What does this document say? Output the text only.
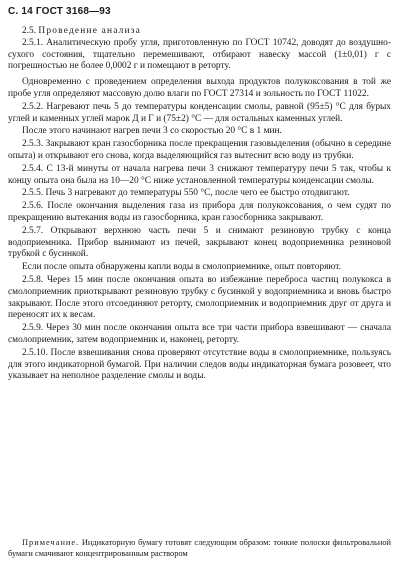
С. 14 ГОСТ 3168—93

2.5. Проведение анализа

2.5.1. Аналитическую пробу угля, приготовленную по ГОСТ 10742, доводят до воздушно-сухого состояния, тщательно перемешивают, отбирают навеску массой (1±0,01) г с погрешностью не более 0,0002 г и помещают в реторту.

Одновременно с проведением определения выхода продуктов полукоксования в той же пробе угля определяют массовую долю влаги по ГОСТ 27314 и зольность по ГОСТ 11022.

2.5.2. Нагревают печь 5 до температуры конденсации смолы, равной (95±5) °С для бурых углей и каменных углей марок Д и Г и (75±2) °С — для остальных каменных углей.

После этого начинают нагрев печи 3 со скоростью 20 °С в 1 мин.

2.5.3. Закрывают кран газосборника после прекращения газовыделения (обычно в середине опыта) и открывают его снова, когда выделяющийся газ вытеснит всю воду из трубки.

2.5.4. С 13-й минуты от начала нагрева печи 3 снижают температуру печи 5 так, чтобы к концу опыта она была на 10—20 °С ниже установленной температуры конденсации смолы.

2.5.5. Печь 3 нагревают до температуры 550 °С, после чего ее быстро отодвигают.

2.5.6. После окончания выделения газа из прибора для полукоксования, о чем судят по прекращению вытекания воды из газосборника, кран газосборника закрывают.

2.5.7. Открывают верхнюю часть печи 5 и снимают резиновую трубку с конца водоприемника. Прибор вынимают из печей, закрывают конец водоприемника резиновой трубкой с бусинкой.

Если после опыта обнаружены капли воды в смолоприемнике, опыт повторяют.

2.5.8. Через 15 мин после окончания опыта во избежание переброса частиц полукокса в смолоприемник приоткрывают резиновую трубку с бусинкой у водоприемника и вновь быстро закрывают. После этого отсоединяют реторту, смолоприемник и водоприемник друг от друга и переносят их к весам.

2.5.9. Через 30 мин после окончания опыта все три части прибора взвешивают — сначала смолоприемник, затем водоприемник и, наконец, реторту.

2.5.10. После взвешивания снова проверяют отсутствие воды в смолоприемнике, пользуясь для этого индикаторной бумагой. При наличии следов воды индикаторная бумага розовеет, что указывает на неполное разделение смолы и воды.

Примечание. Индикаторную бумагу готовят следующим образом: тонкие полоски фильтровальной бумаги смачивают концентрированным раствором
